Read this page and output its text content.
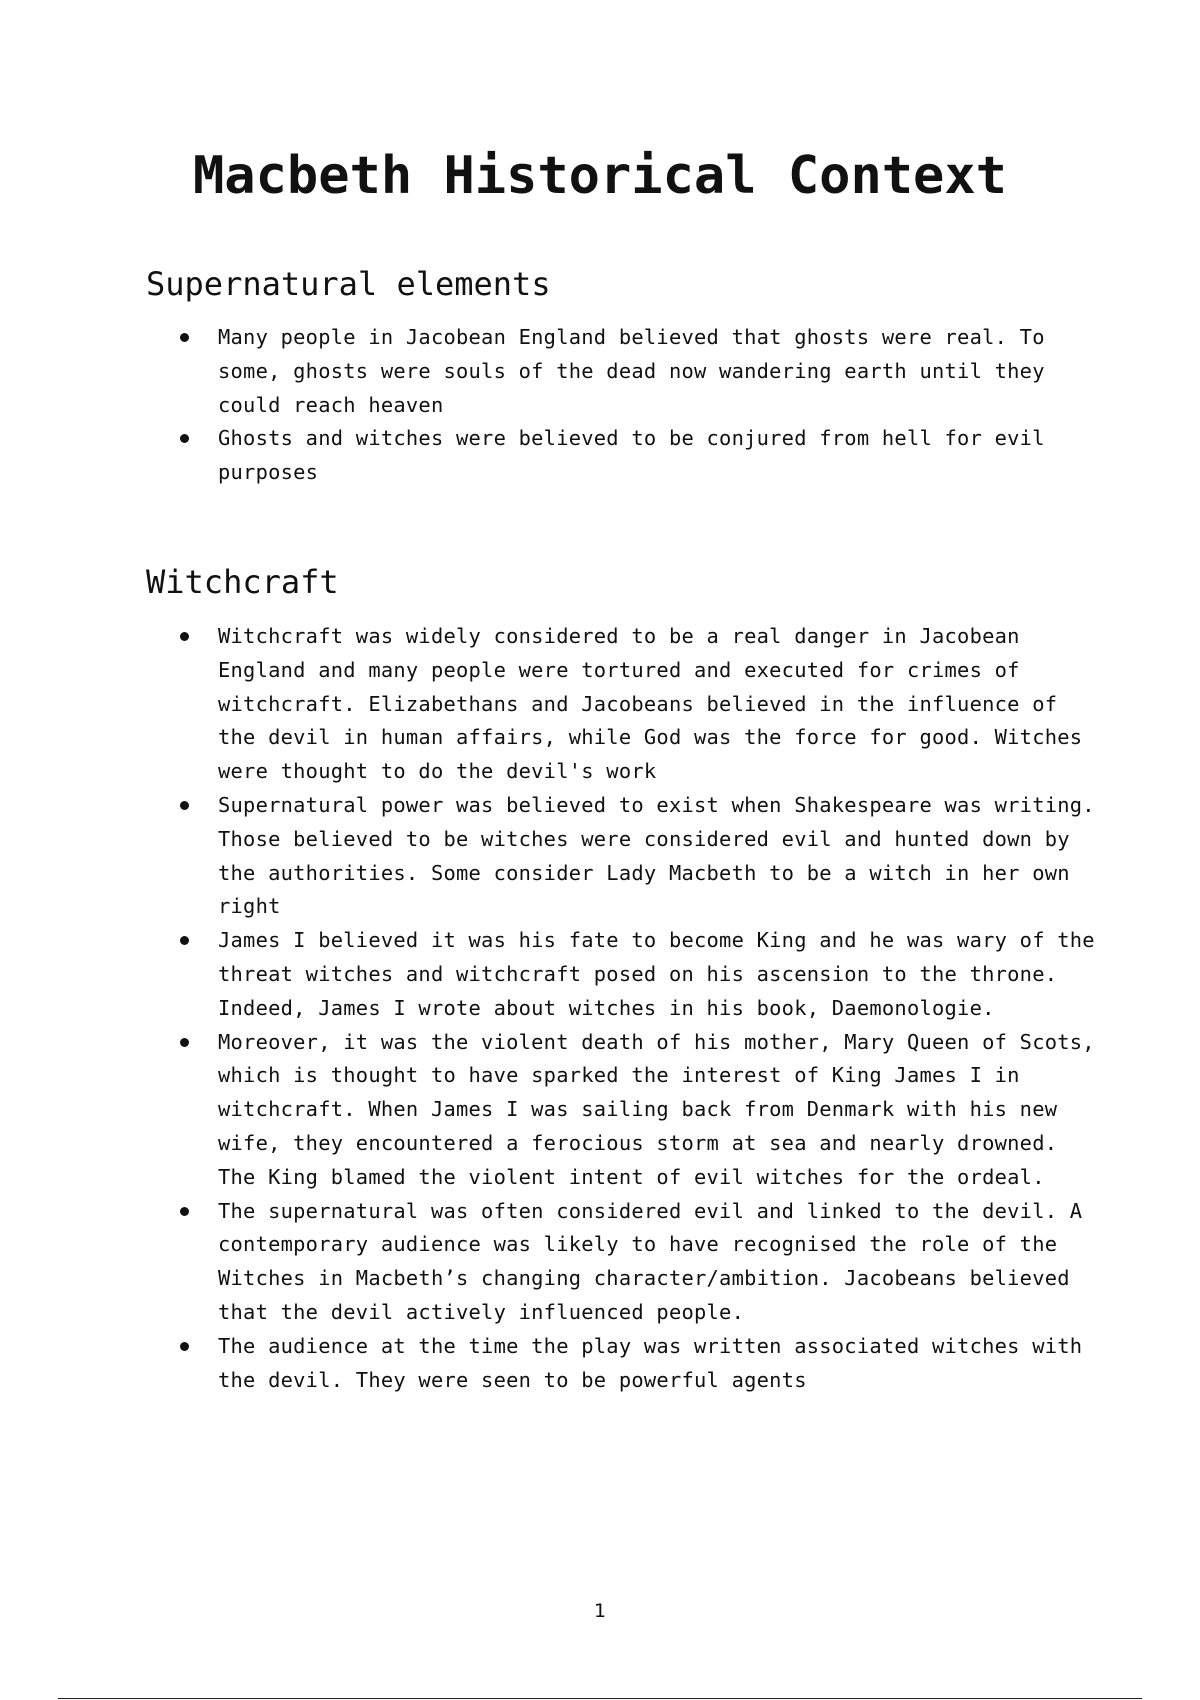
Macbeth Historical Context
Supernatural elements
Many people in Jacobean England believed that ghosts were real. To some, ghosts were souls of the dead now wandering earth until they could reach heaven
Ghosts and witches were believed to be conjured from hell for evil purposes
Witchcraft
Witchcraft was widely considered to be a real danger in Jacobean England and many people were tortured and executed for crimes of witchcraft. Elizabethans and Jacobeans believed in the influence of the devil in human affairs, while God was the force for good. Witches were thought to do the devil's work
Supernatural power was believed to exist when Shakespeare was writing. Those believed to be witches were considered evil and hunted down by the authorities. Some consider Lady Macbeth to be a witch in her own right
James I believed it was his fate to become King and he was wary of the threat witches and witchcraft posed on his ascension to the throne. Indeed, James I wrote about witches in his book, Daemonologie.
Moreover, it was the violent death of his mother, Mary Queen of Scots, which is thought to have sparked the interest of King James I in witchcraft. When James I was sailing back from Denmark with his new wife, they encountered a ferocious storm at sea and nearly drowned. The King blamed the violent intent of evil witches for the ordeal.
The supernatural was often considered evil and linked to the devil. A contemporary audience was likely to have recognised the role of the Witches in Macbeth’s changing character/ambition. Jacobeans believed that the devil actively influenced people.
The audience at the time the play was written associated witches with the devil. They were seen to be powerful agents
1
